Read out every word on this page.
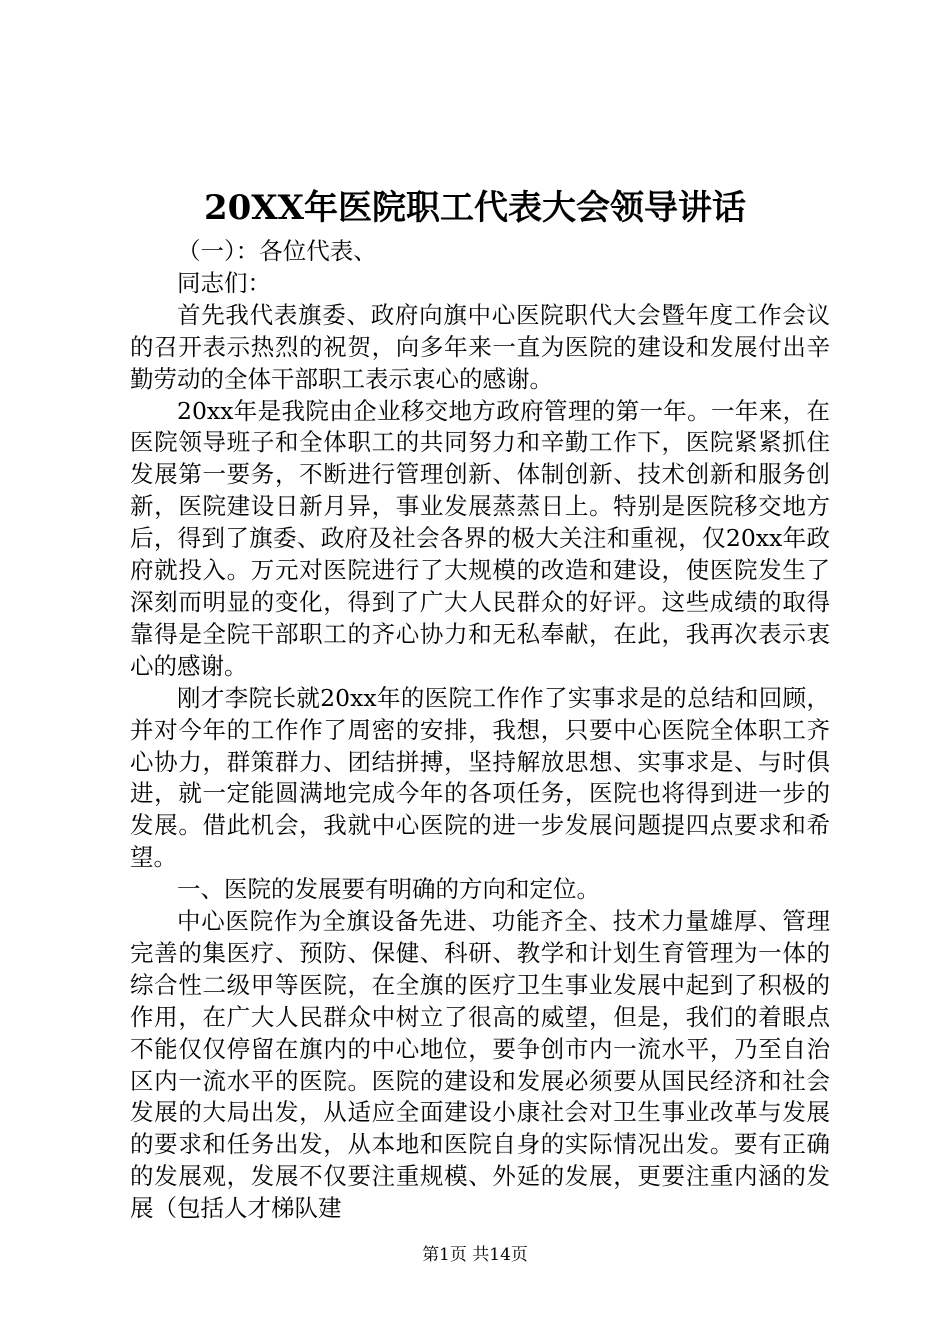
20XX年医院职工代表大会领导讲话

（一）：各位代表、

同志们：

首先我代表旗委、政府向旗中心医院职代大会暨年度工作会议的召开表示热烈的祝贺，向多年来一直为医院的建设和发展付出辛勤劳动的全体干部职工表示衷心的感谢。

20xx年是我院由企业移交地方政府管理的第一年。一年来，在医院领导班子和全体职工的共同努力和辛勤工作下，医院紧紧抓住发展第一要务，不断进行管理创新、体制创新、技术创新和服务创新，医院建设日新月异，事业发展蒸蒸日上。特别是医院移交地方后，得到了旗委、政府及社会各界的极大关注和重视，仅20xx年政府就投入。万元对医院进行了大规模的改造和建设，使医院发生了深刻而明显的变化，得到了广大人民群众的好评。这些成绩的取得靠得是全院干部职工的齐心协力和无私奉献，在此，我再次表示衷心的感谢。

刚才李院长就20xx年的医院工作作了实事求是的总结和回顾，并对今年的工作作了周密的安排，我想，只要中心医院全体职工齐心协力，群策群力、团结拼搏，坚持解放思想、实事求是、与时俱进，就一定能圆满地完成今年的各项任务，医院也将得到进一步的发展。借此机会，我就中心医院的进一步发展问题提四点要求和希望。

一、医院的发展要有明确的方向和定位。

中心医院作为全旗设备先进、功能齐全、技术力量雄厚、管理完善的集医疗、预防、保健、科研、教学和计划生育管理为一体的综合性二级甲等医院，在全旗的医疗卫生事业发展中起到了积极的作用，在广大人民群众中树立了很高的威望，但是，我们的着眼点不能仅仅停留在旗内的中心地位，要争创市内一流水平，乃至自治区内一流水平的医院。医院的建设和发展必须要从国民经济和社会发展的大局出发，从适应全面建设小康社会对卫生事业改革与发展的要求和任务出发，从本地和医院自身的实际情况出发。要有正确的发展观，发展不仅要注重规模、外延的发展，更要注重内涵的发展（包括人才梯队建

第1页 共14页
